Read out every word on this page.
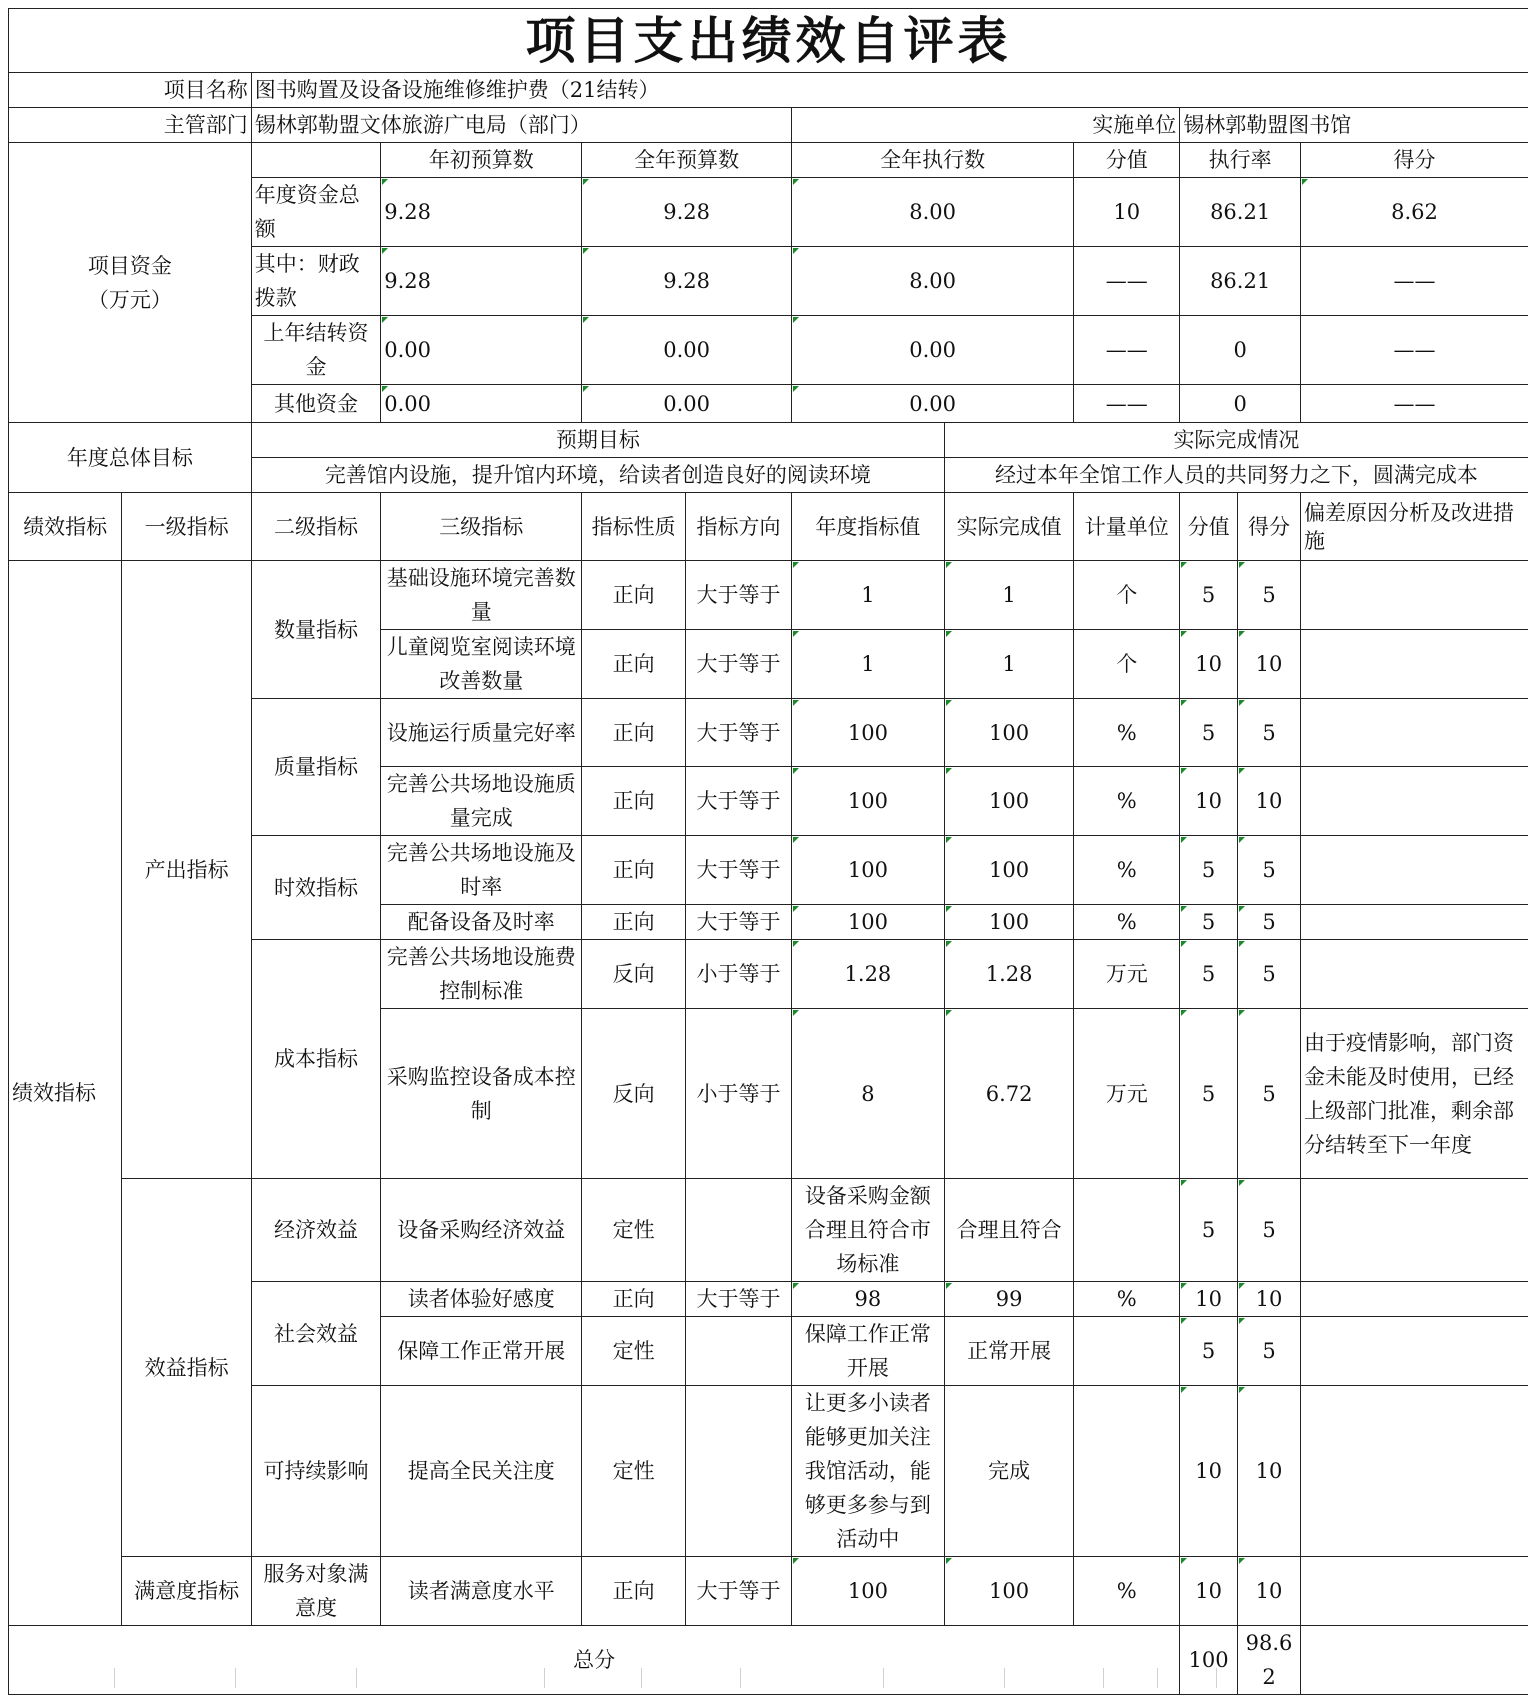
项目支出绩效自评表											
项目名称		图书购置及设备设施维修维护费（21结转）									
主管部门		锡林郭勒盟文体旅游广电局（部门）				实施单位			锡林郭勒盟图书馆		
项目资金
（万元）			年初预算数	全年预算数		全年执行数		分值	执行率		得分
		年度资金总额	9.28	9.28		8.00		10	86.21		8.62
		其中：财政拨款	9.28	9.28		8.00		——	86.21		——
		上年结转资金	0.00	0.00		0.00		——	0		——
		其他资金	0.00	0.00		0.00		——	0		——
年度总体目标		预期目标					实际完成情况				
		完善馆内设施，提升馆内环境，给读者创造良好的阅读环境					经过本年全馆工作人员的共同努力之下，圆满完成本				
绩效指标	一级指标	二级指标	三级指标	指标性质	指标方向	年度指标值	实际完成值	计量单位	分值	得分	偏差原因分析及改进措施
绩效指标	产出指标	数量指标	基础设施环境完善数量	正向	大于等于	1	1	个	5	5	
			儿童阅览室阅读环境改善数量	正向	大于等于	1	1	个	10	10	
		质量指标	设施运行质量完好率	正向	大于等于	100	100	%	5	5	
			完善公共场地设施质量完成	正向	大于等于	100	100	%	10	10	
		时效指标	完善公共场地设施及时率	正向	大于等于	100	100	%	5	5	
			配备设备及时率	正向	大于等于	100	100	%	5	5	
		成本指标	完善公共场地设施费控制标准	反向	小于等于	1.28	1.28	万元	5	5	
			采购监控设备成本控制	反向	小于等于	8	6.72	万元	5	5	由于疫情影响，部门资金未能及时使用，已经上级部门批准，剩余部分结转至下一年度
	效益指标	经济效益	设备采购经济效益	定性		设备采购金额合理且符合市场标准	合理且符合		5	5	
		社会效益	读者体验好感度	正向	大于等于	98	99	%	10	10	
			保障工作正常开展	定性		保障工作正常开展	正常开展		5	5	
		可持续影响	提高全民关注度	定性		让更多小读者能够更加关注我馆活动，能够更多参与到活动中	完成		10	10	
	满意度指标	服务对象满意度	读者满意度水平	正向	大于等于	100	100	%	10	10	
总分									100	98.62	
